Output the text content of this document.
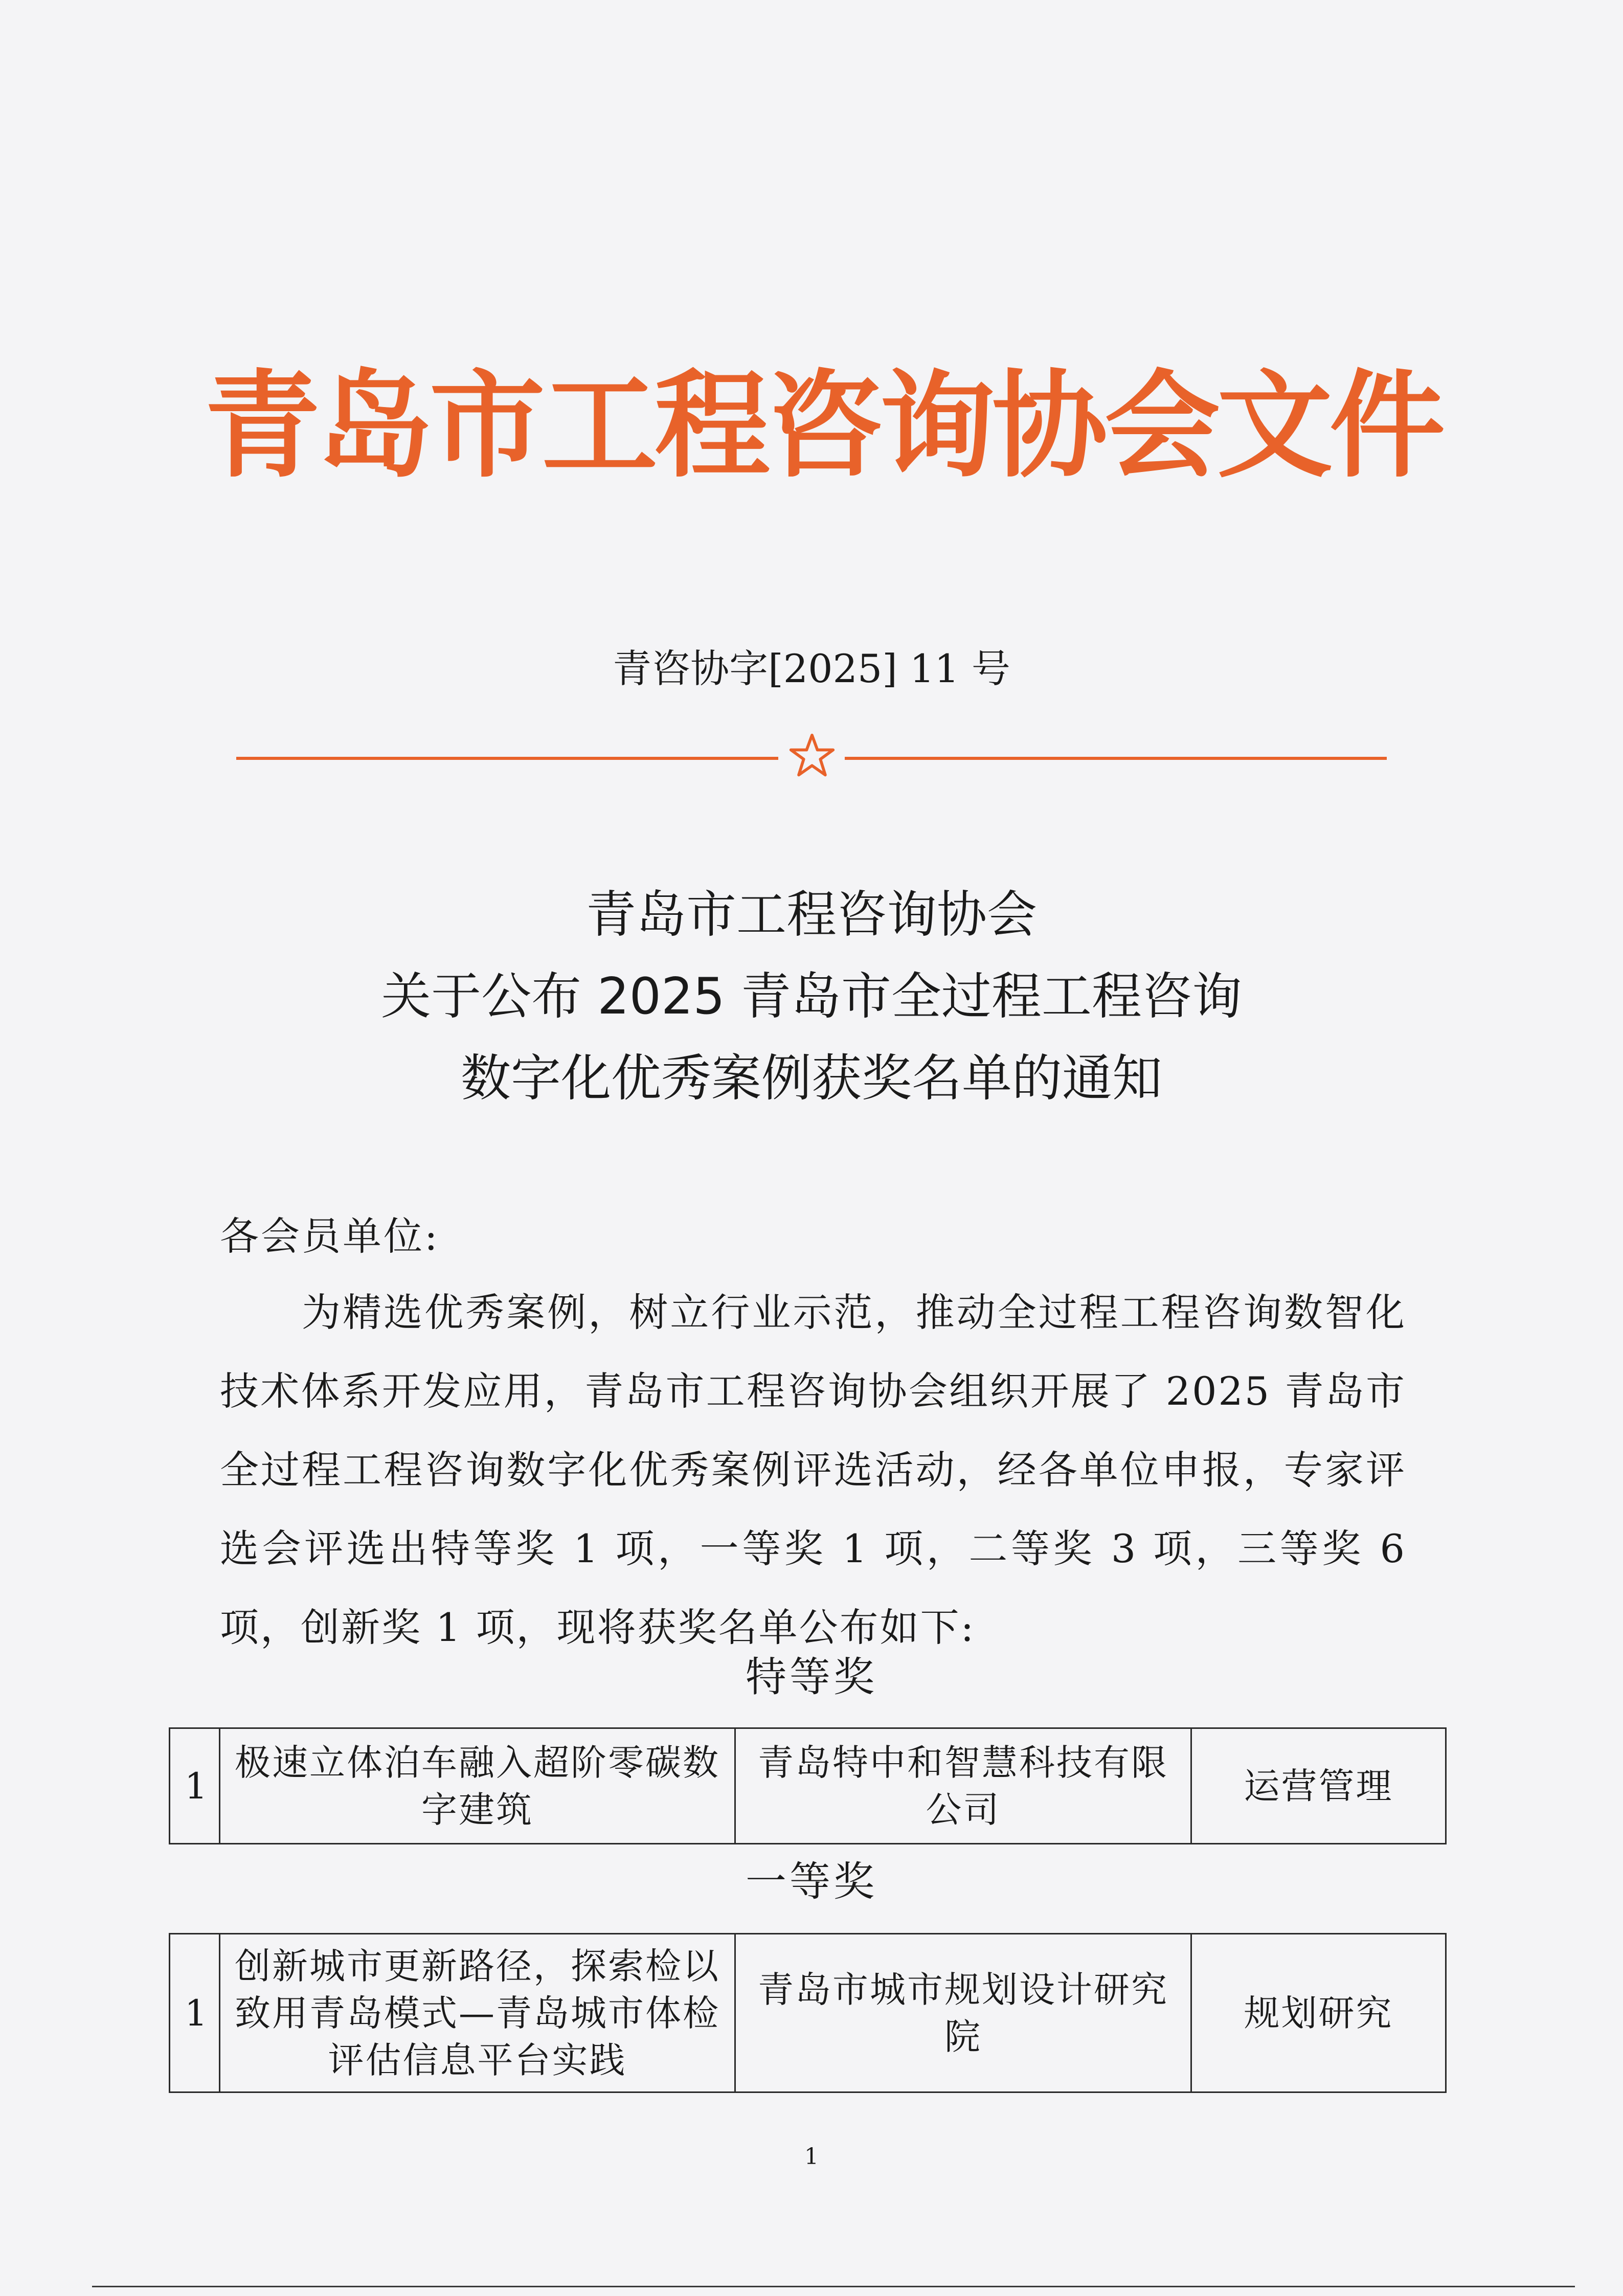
青岛市工程咨询协会文件
青咨协字[2025] 11 号
青岛市工程咨询协会
关于公布 2025 青岛市全过程工程咨询
数字化优秀案例获奖名单的通知
各会员单位:
为精选优秀案例，树立行业示范，推动全过程工程咨询数智化技术体系开发应用，青岛市工程咨询协会组织开展了 2025 青岛市全过程工程咨询数字化优秀案例评选活动，经各单位申报，专家评选会评选出特等奖 1 项，一等奖 1 项，二等奖 3 项，三等奖 6 项，创新奖 1 项，现将获奖名单公布如下:
特等奖
1	极速立体泊车融入超阶零碳数字建筑	青岛特中和智慧科技有限公司	运营管理
一等奖
1	创新城市更新路径，探索检以致用青岛模式—青岛城市体检评估信息平台实践	青岛市城市规划设计研究院	规划研究
1
